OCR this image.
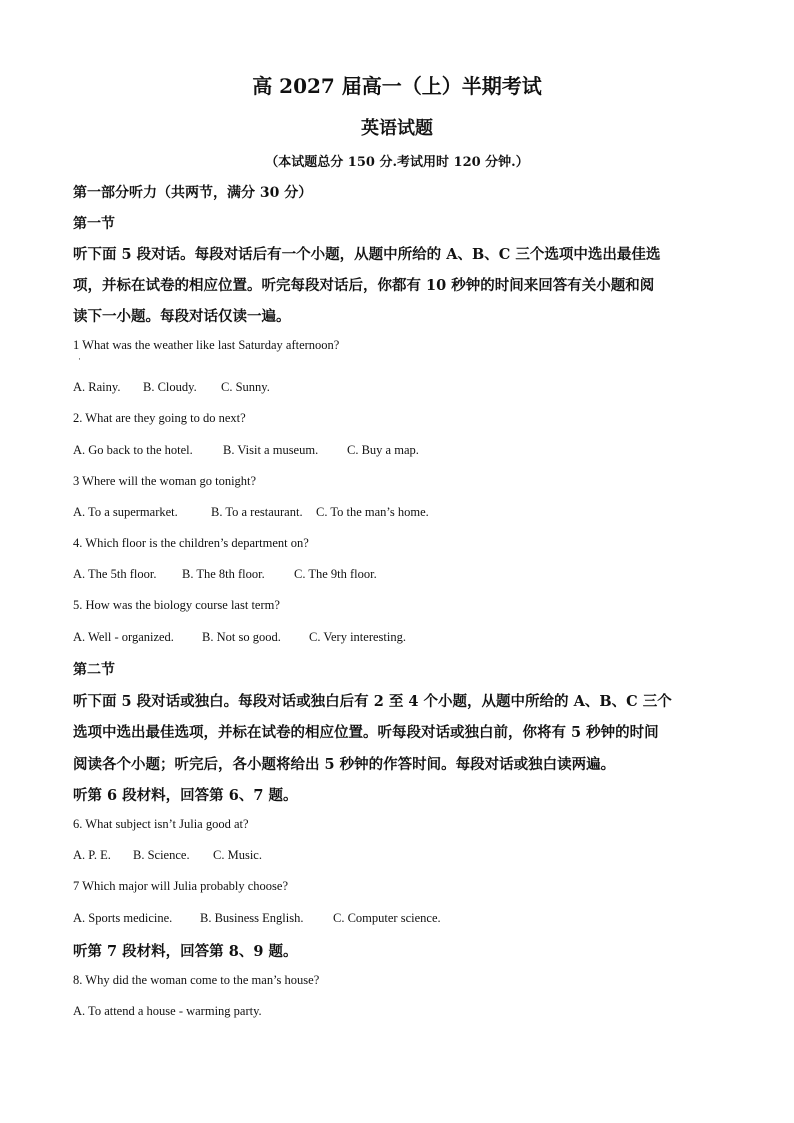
高 2027 届高一（上）半期考试
英语试题
（本试题总分 150 分.考试用时 120 分钟.）
第一部分听力（共两节，满分 30 分）
第一节
听下面 5 段对话。每段对话后有一个小题，从题中所给的 A、B、C 三个选项中选出最佳选
项，并标在试卷的相应位置。听完每段对话后，你都有 10 秒钟的时间来回答有关小题和阅
读下一小题。每段对话仅读一遍。
1 What was the weather like last Saturday afternoon?
·
A. Rainy. B. Cloudy. C. Sunny.
2. What are they going to do next?
A. Go back to the hotel. B. Visit a museum. C. Buy a map.
3 Where will the woman go tonight?
A. To a supermarket.	B. To a restaurant. C. To the man’s home.
4. Which floor is the children’s department on?
A. The 5th floor. B. The 8th floor. C. The 9th floor.
5. How was the biology course last term?
A. Well - organized. B. Not so good. C. Very interesting.
第二节
听下面 5 段对话或独白。每段对话或独白后有 2 至 4 个小题，从题中所给的 A、B、C 三个
选项中选出最佳选项，并标在试卷的相应位置。听每段对话或独白前，你将有 5 秒钟的时间
阅读各个小题；听完后，各小题将给出 5 秒钟的作答时间。每段对话或独白读两遍。
听第 6 段材料，回答第 6、7 题。
6. What subject isn’t Julia good at?
A. P. E. B. Science. C. Music.
7 Which major will Julia probably choose?
A. Sports medicine. B. Business English. C. Computer science.
听第 7 段材料，回答第 8、9 题。
8. Why did the woman come to the man’s house?
A. To attend a house - warming party.
